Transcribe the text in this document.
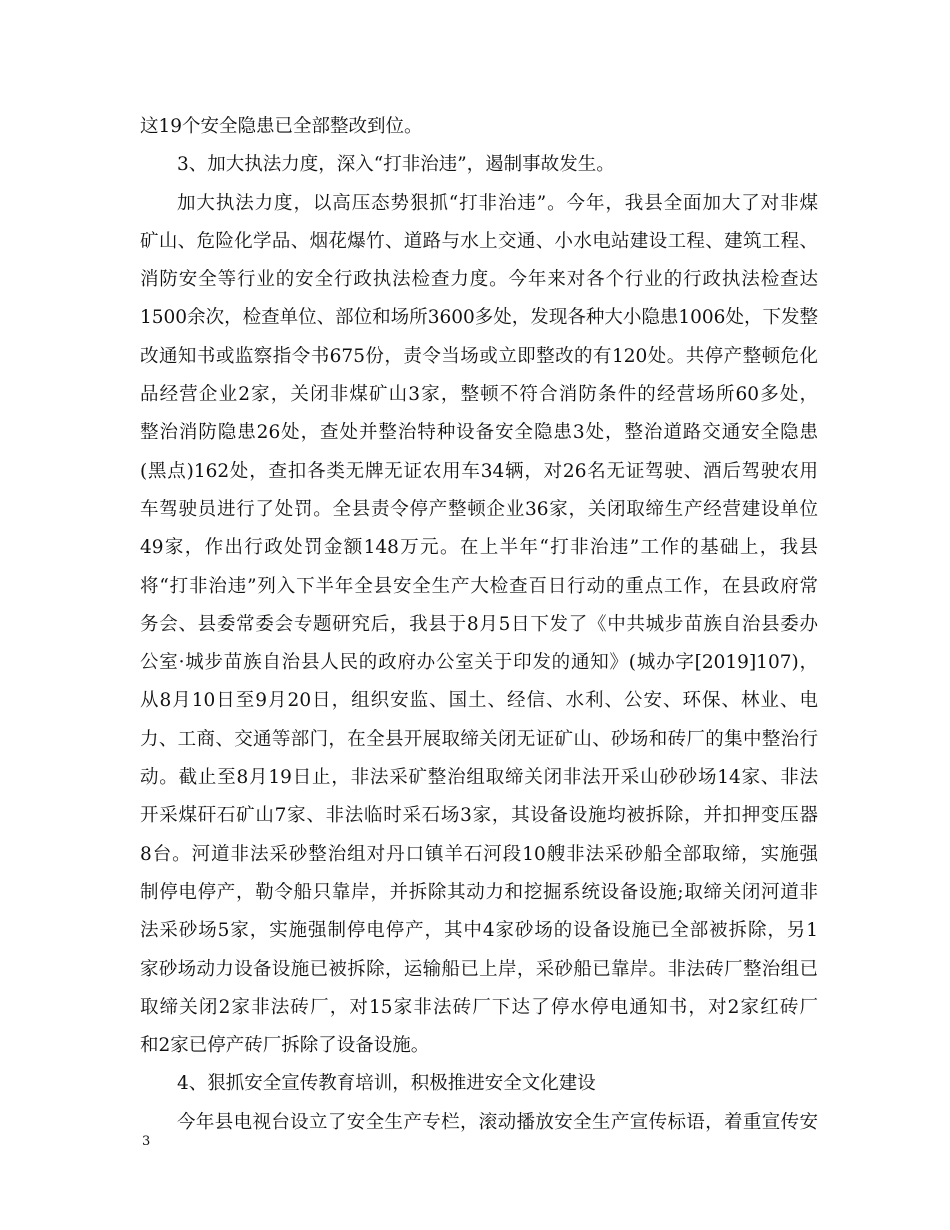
这19个安全隐患已全部整改到位。
3、加大执法力度，深入“打非治违”，遏制事故发生。
加大执法力度，以高压态势狠抓“打非治违”。今年，我县全面加大了对非煤
矿山、危险化学品、烟花爆竹、道路与水上交通、小水电站建设工程、建筑工程、
消防安全等行业的安全行政执法检查力度。今年来对各个行业的行政执法检查达
1500余次，检查单位、部位和场所3600多处，发现各种大小隐患1006处，下发整
改通知书或监察指令书675份，责令当场或立即整改的有120处。共停产整顿危化
品经营企业2家，关闭非煤矿山3家，整顿不符合消防条件的经营场所60多处，
整治消防隐患26处，查处并整治特种设备安全隐患3处，整治道路交通安全隐患
(黑点)162处，查扣各类无牌无证农用车34辆，对26名无证驾驶、酒后驾驶农用
车驾驶员进行了处罚。全县责令停产整顿企业36家，关闭取缔生产经营建设单位
49家，作出行政处罚金额148万元。在上半年“打非治违”工作的基础上，我县
将“打非治违”列入下半年全县安全生产大检查百日行动的重点工作，在县政府常
务会、县委常委会专题研究后，我县于8月5日下发了《中共城步苗族自治县委办
公室·城步苗族自治县人民的政府办公室关于印发的通知》(城办字[2019]107)，
从8月10日至9月20日，组织安监、国土、经信、水利、公安、环保、林业、电
力、工商、交通等部门，在全县开展取缔关闭无证矿山、砂场和砖厂的集中整治行
动。截止至8月19日止，非法采矿整治组取缔关闭非法开采山砂砂场14家、非法
开采煤矸石矿山7家、非法临时采石场3家，其设备设施均被拆除，并扣押变压器
8台。河道非法采砂整治组对丹口镇羊石河段10艘非法采砂船全部取缔，实施强
制停电停产，勒令船只靠岸，并拆除其动力和挖掘系统设备设施;取缔关闭河道非
法采砂场5家，实施强制停电停产，其中4家砂场的设备设施已全部被拆除，另1
家砂场动力设备设施已被拆除，运输船已上岸，采砂船已靠岸。非法砖厂整治组已
取缔关闭2家非法砖厂，对15家非法砖厂下达了停水停电通知书，对2家红砖厂
和2家已停产砖厂拆除了设备设施。
4、狠抓安全宣传教育培训，积极推进安全文化建设
今年县电视台设立了安全生产专栏，滚动播放安全生产宣传标语，着重宣传安
3
